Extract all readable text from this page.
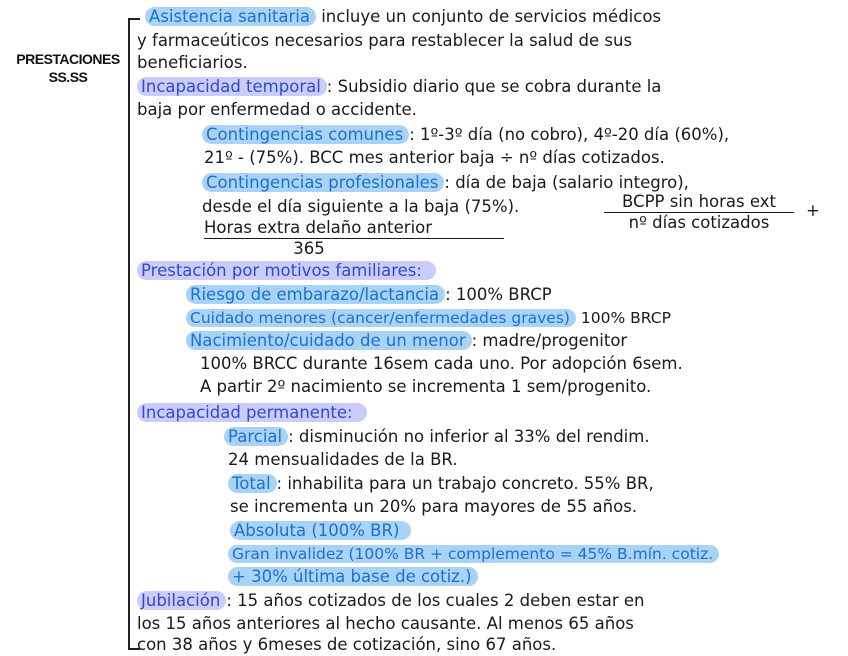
PRESTACIONES
SS.SS
Asistencia sanitaria incluye un conjunto de servicios médicos
y farmaceúticos necesarios para restablecer la salud de sus
beneficiarios.
Incapacidad temporal : Subsidio diario que se cobra durante la
baja por enfermedad o accidente.
Contingencias comunes : 1º-3º día (no cobro), 4º-20 día (60%),
21º - (75%). BCC mes anterior baja ÷ nº días cotizados.
Contingencias profesionales : día de baja (salario integro),
desde el día siguiente a la baja (75%).	BCPP sin horas ext
nº días cotizados
+
Horas extra delaño anterior
365
Prestación por motivos familiares:
Riesgo de embarazo/lactancia : 100% BRCP
Cuidado menores (cancer/enfermedades graves) 100% BRCP
Nacimiento/cuidado de un menor : madre/progenitor
100% BRCC durante 16sem cada uno. Por adopción 6sem.
A partir 2º nacimiento se incrementa 1 sem/progenito.
Incapacidad permanente:
Parcial : disminución no inferior al 33% del rendim.
24 mensualidades de la BR.
Total : inhabilita para un trabajo concreto. 55% BR,
se incrementa un 20% para mayores de 55 años.
Absoluta (100% BR)
Gran invalidez (100% BR + complemento = 45% B.mín. cotiz.
+ 30% última base de cotiz.)
Jubilación : 15 años cotizados de los cuales 2 deben estar en
los 15 años anteriores al hecho causante. Al menos 65 años
con 38 años y 6meses de cotización, sino 67 años.
